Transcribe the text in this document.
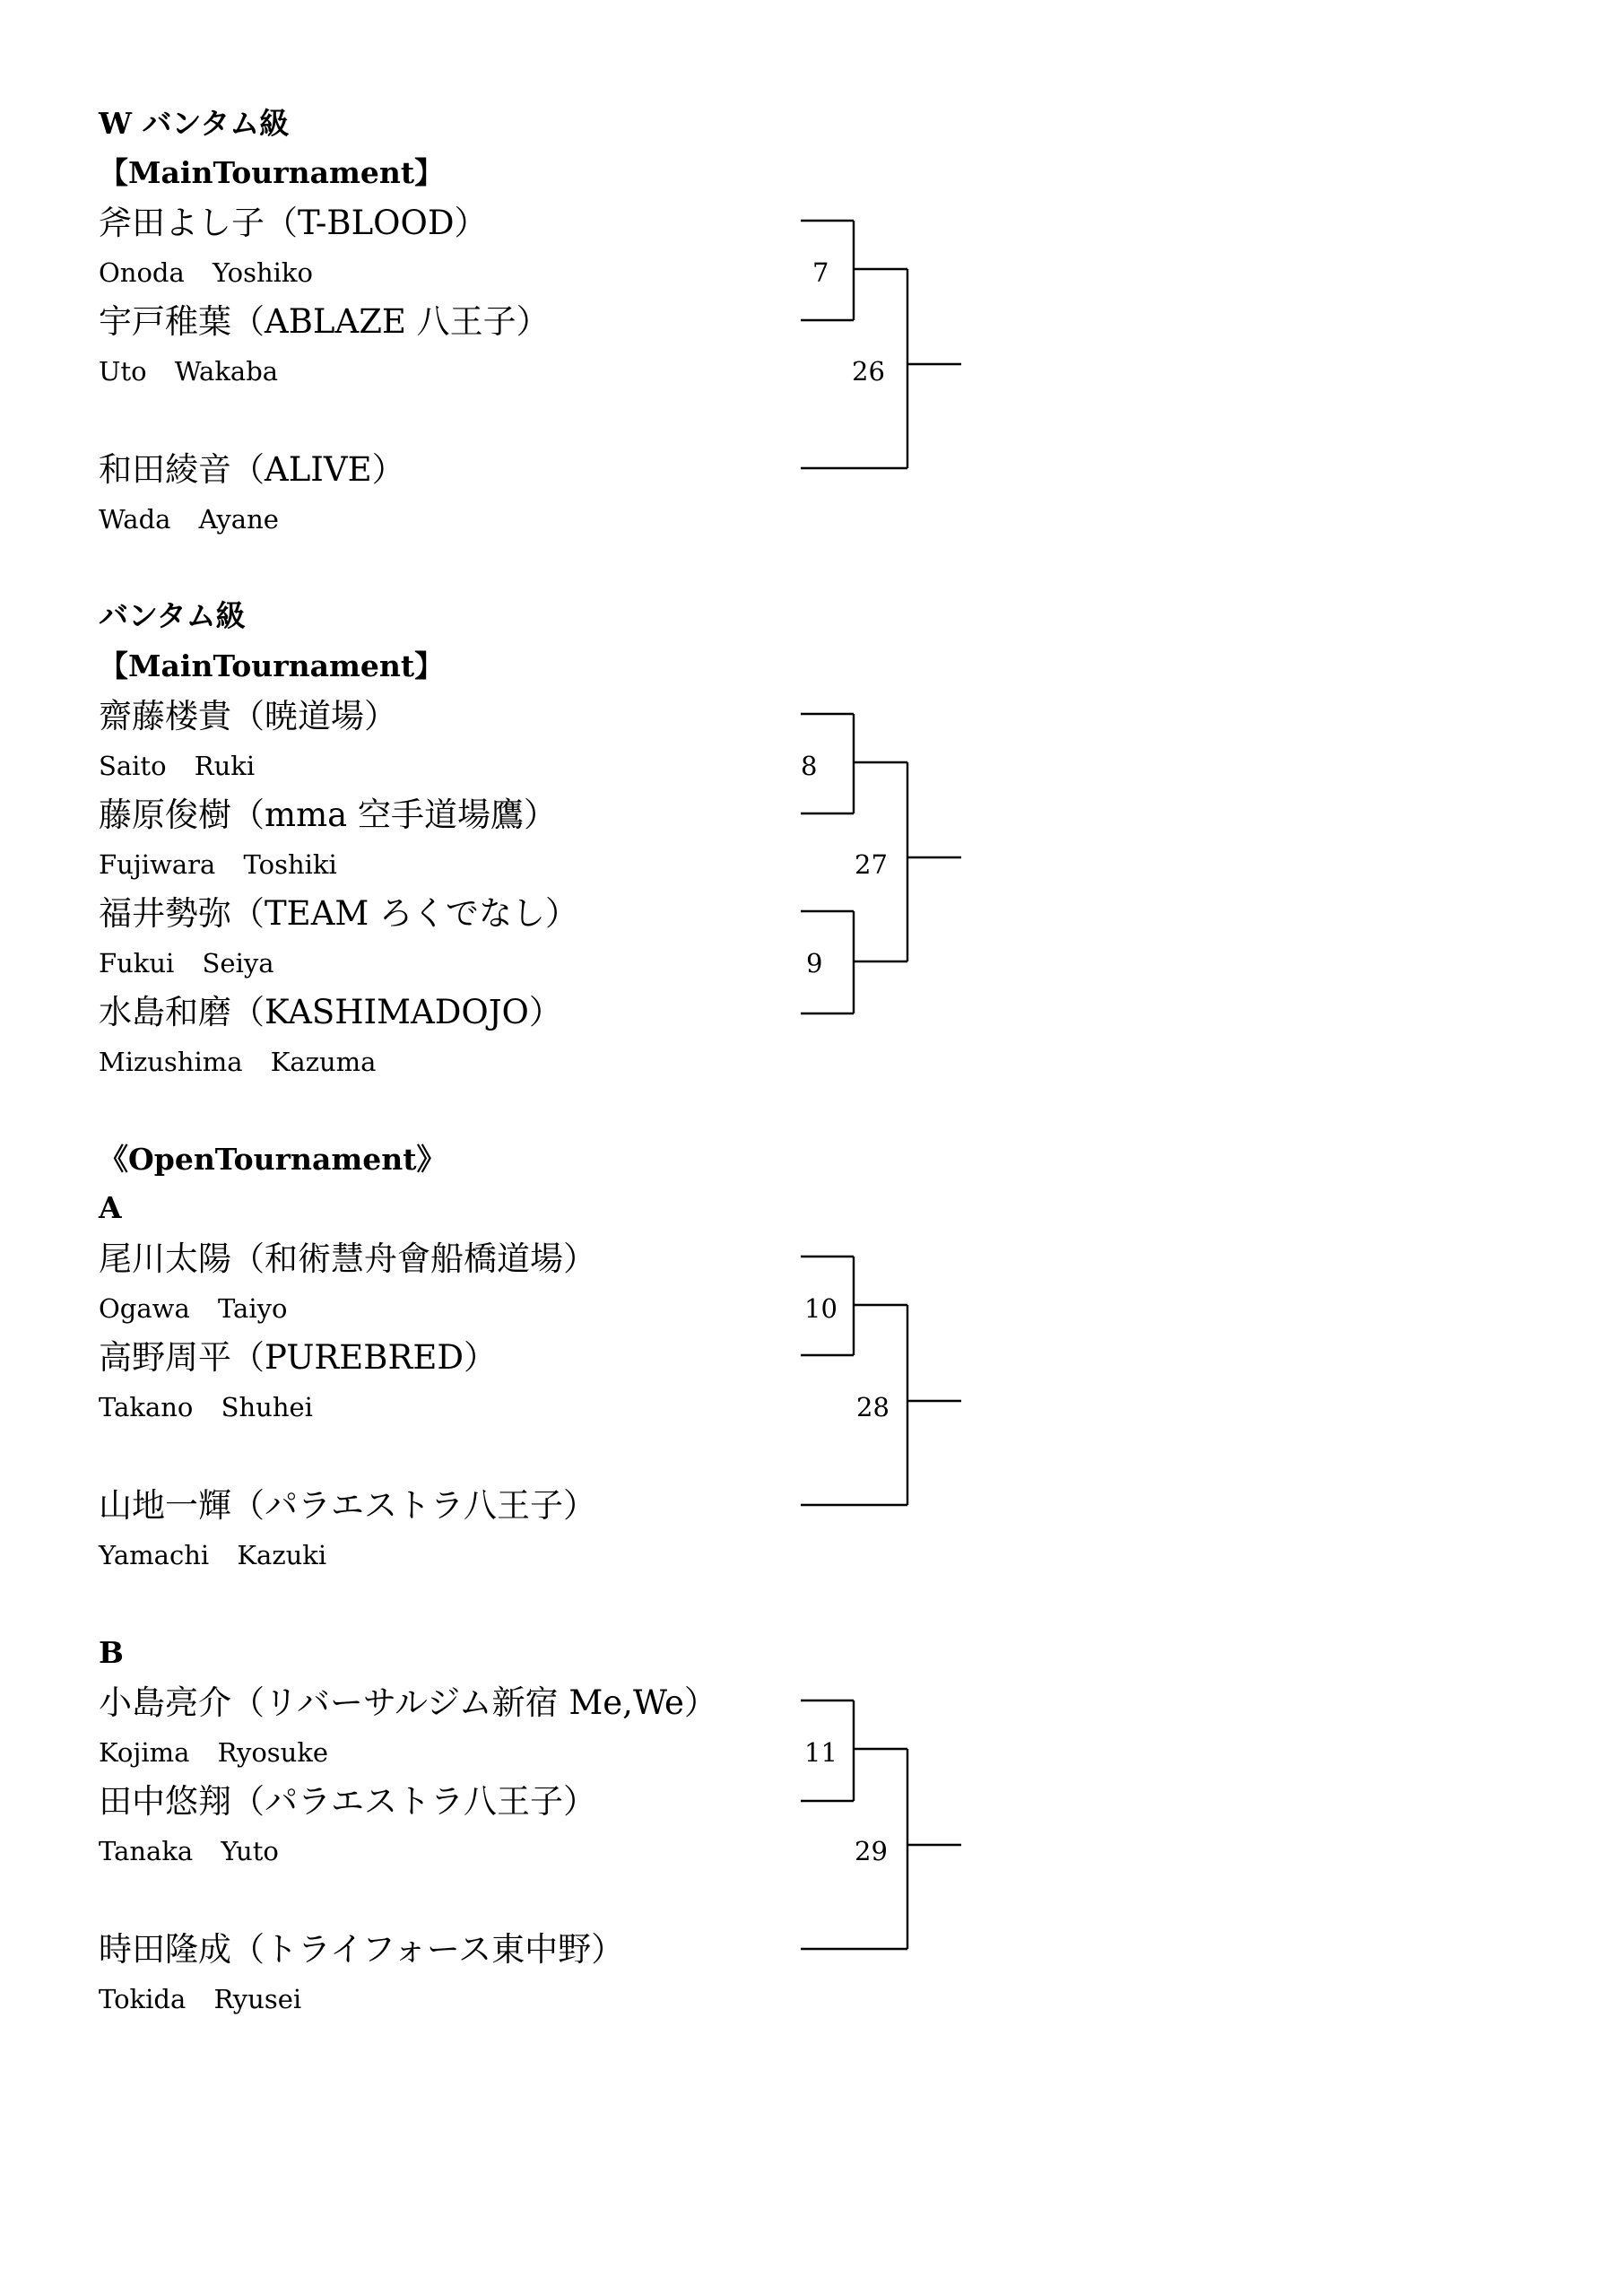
W バンタム級
【MainTournament】
斧田よし子（T-BLOOD）
Onoda Yoshiko
宇戸稚葉（ABLAZE 八王子）
Uto Wakaba
和田綾音（ALIVE）
Wada Ayane
バンタム級
【MainTournament】
齋藤楼貴（暁道場）
Saito Ruki
藤原俊樹（mma 空手道場鷹）
Fujiwara Toshiki
福井勢弥（TEAM ろくでなし）
Fukui Seiya
水島和磨（KASHIMADOJO）
Mizushima Kazuma
《OpenTournament》
A
尾川太陽（和術慧舟會船橋道場）
Ogawa Taiyo
高野周平（PUREBRED）
Takano Shuhei
山地一輝（パラエストラ八王子）
Yamachi Kazuki
B
小島亮介（リバーサルジム新宿 Me,We）
Kojima Ryosuke
田中悠翔（パラエストラ八王子）
Tanaka Yuto
時田隆成（トライフォース東中野）
Tokida Ryusei
7
26
8
27
9
10
28
11
29
